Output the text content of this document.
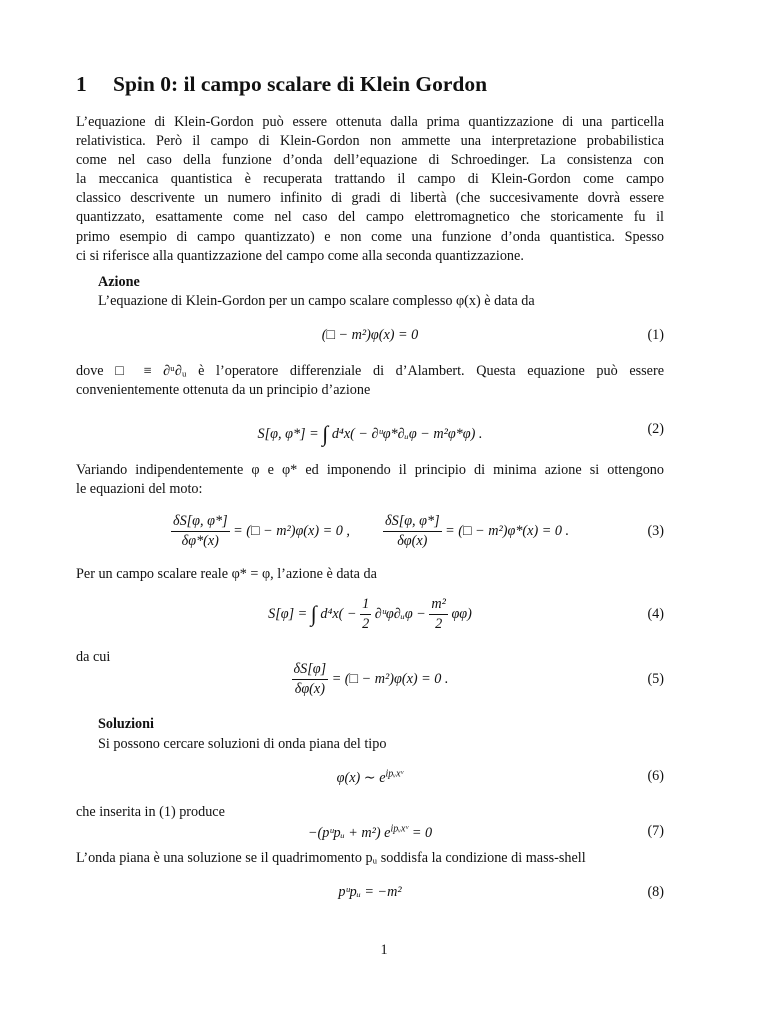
1 Spin 0: il campo scalare di Klein Gordon

L’equazione di Klein-Gordon può essere ottenuta dalla prima quantizzazione di una particella
relativistica. Però il campo di Klein-Gordon non ammette una interpretazione probabilistica
come nel caso della funzione d’onda dell’equazione di Schroedinger. La consistenza con
la meccanica quantistica è recuperata trattando il campo di Klein-Gordon come campo
classico descrivente un numero infinito di gradi di libertà (che succesivamente dovrà essere
quantizzato, esattamente come nel caso del campo elettromagnetico che storicamente fu il
primo esempio di campo quantizzato) e non come una funzione d’onda quantistica. Spesso
ci si riferisce alla quantizzazione del campo come alla seconda quantizzazione.

Azione

L’equazione di Klein-Gordon per un campo scalare complesso φ(x) è data da

(□ − m²)φ(x) = 0	(1)

dove □ ≡ ∂ᵘ∂ᵤ è l’operatore differenziale di d’Alambert. Questa equazione può essere
convenientemente ottenuta da un principio d’azione

S[φ, φ*] = ∫ d⁴x( − ∂ᵘφ*∂ᵤφ − m²φ*φ) .	(2)

Variando indipendentemente φ e φ* ed imponendo il principio di minima azione si ottengono
le equazioni del moto:

$\frac{\delta S[\varphi, \varphi*]}{\delta\varphi*(x)}$ = (□ − m²)φ(x) = 0 , $\frac{\delta S[\varphi, \varphi*]}{\delta\varphi(x)}$ = (□ − m²)φ*(x) = 0 .	(3)

Per un campo scalare reale φ* = φ, l’azione è data da

S[φ] = ∫ $d^4x( - \frac{1}{2}$ ∂ᵘφ∂ᵤφ − $\frac{\text{m²}}{2} \varphi\varphi$)	(4)

da cui

$\frac{\delta S[\varphi]}{\delta\varphi(x)}$ = (□ − m²)φ(x) = 0 .	(5)
Soluzioni

Si possono cercare soluzioni di onda piana del tipo

φ(x) ∼ $e^{ipᵥxᵛ}$	(6)

che inserita in (1) produce

−(pᵘpᵤ + m²) $e^{ipᵥxᵛ} = 0$	(7)

L’onda piana è una soluzione se il quadrimomento pᵤ soddisfa la condizione di mass-shell

pᵘpᵤ = −m²	(8)
1
